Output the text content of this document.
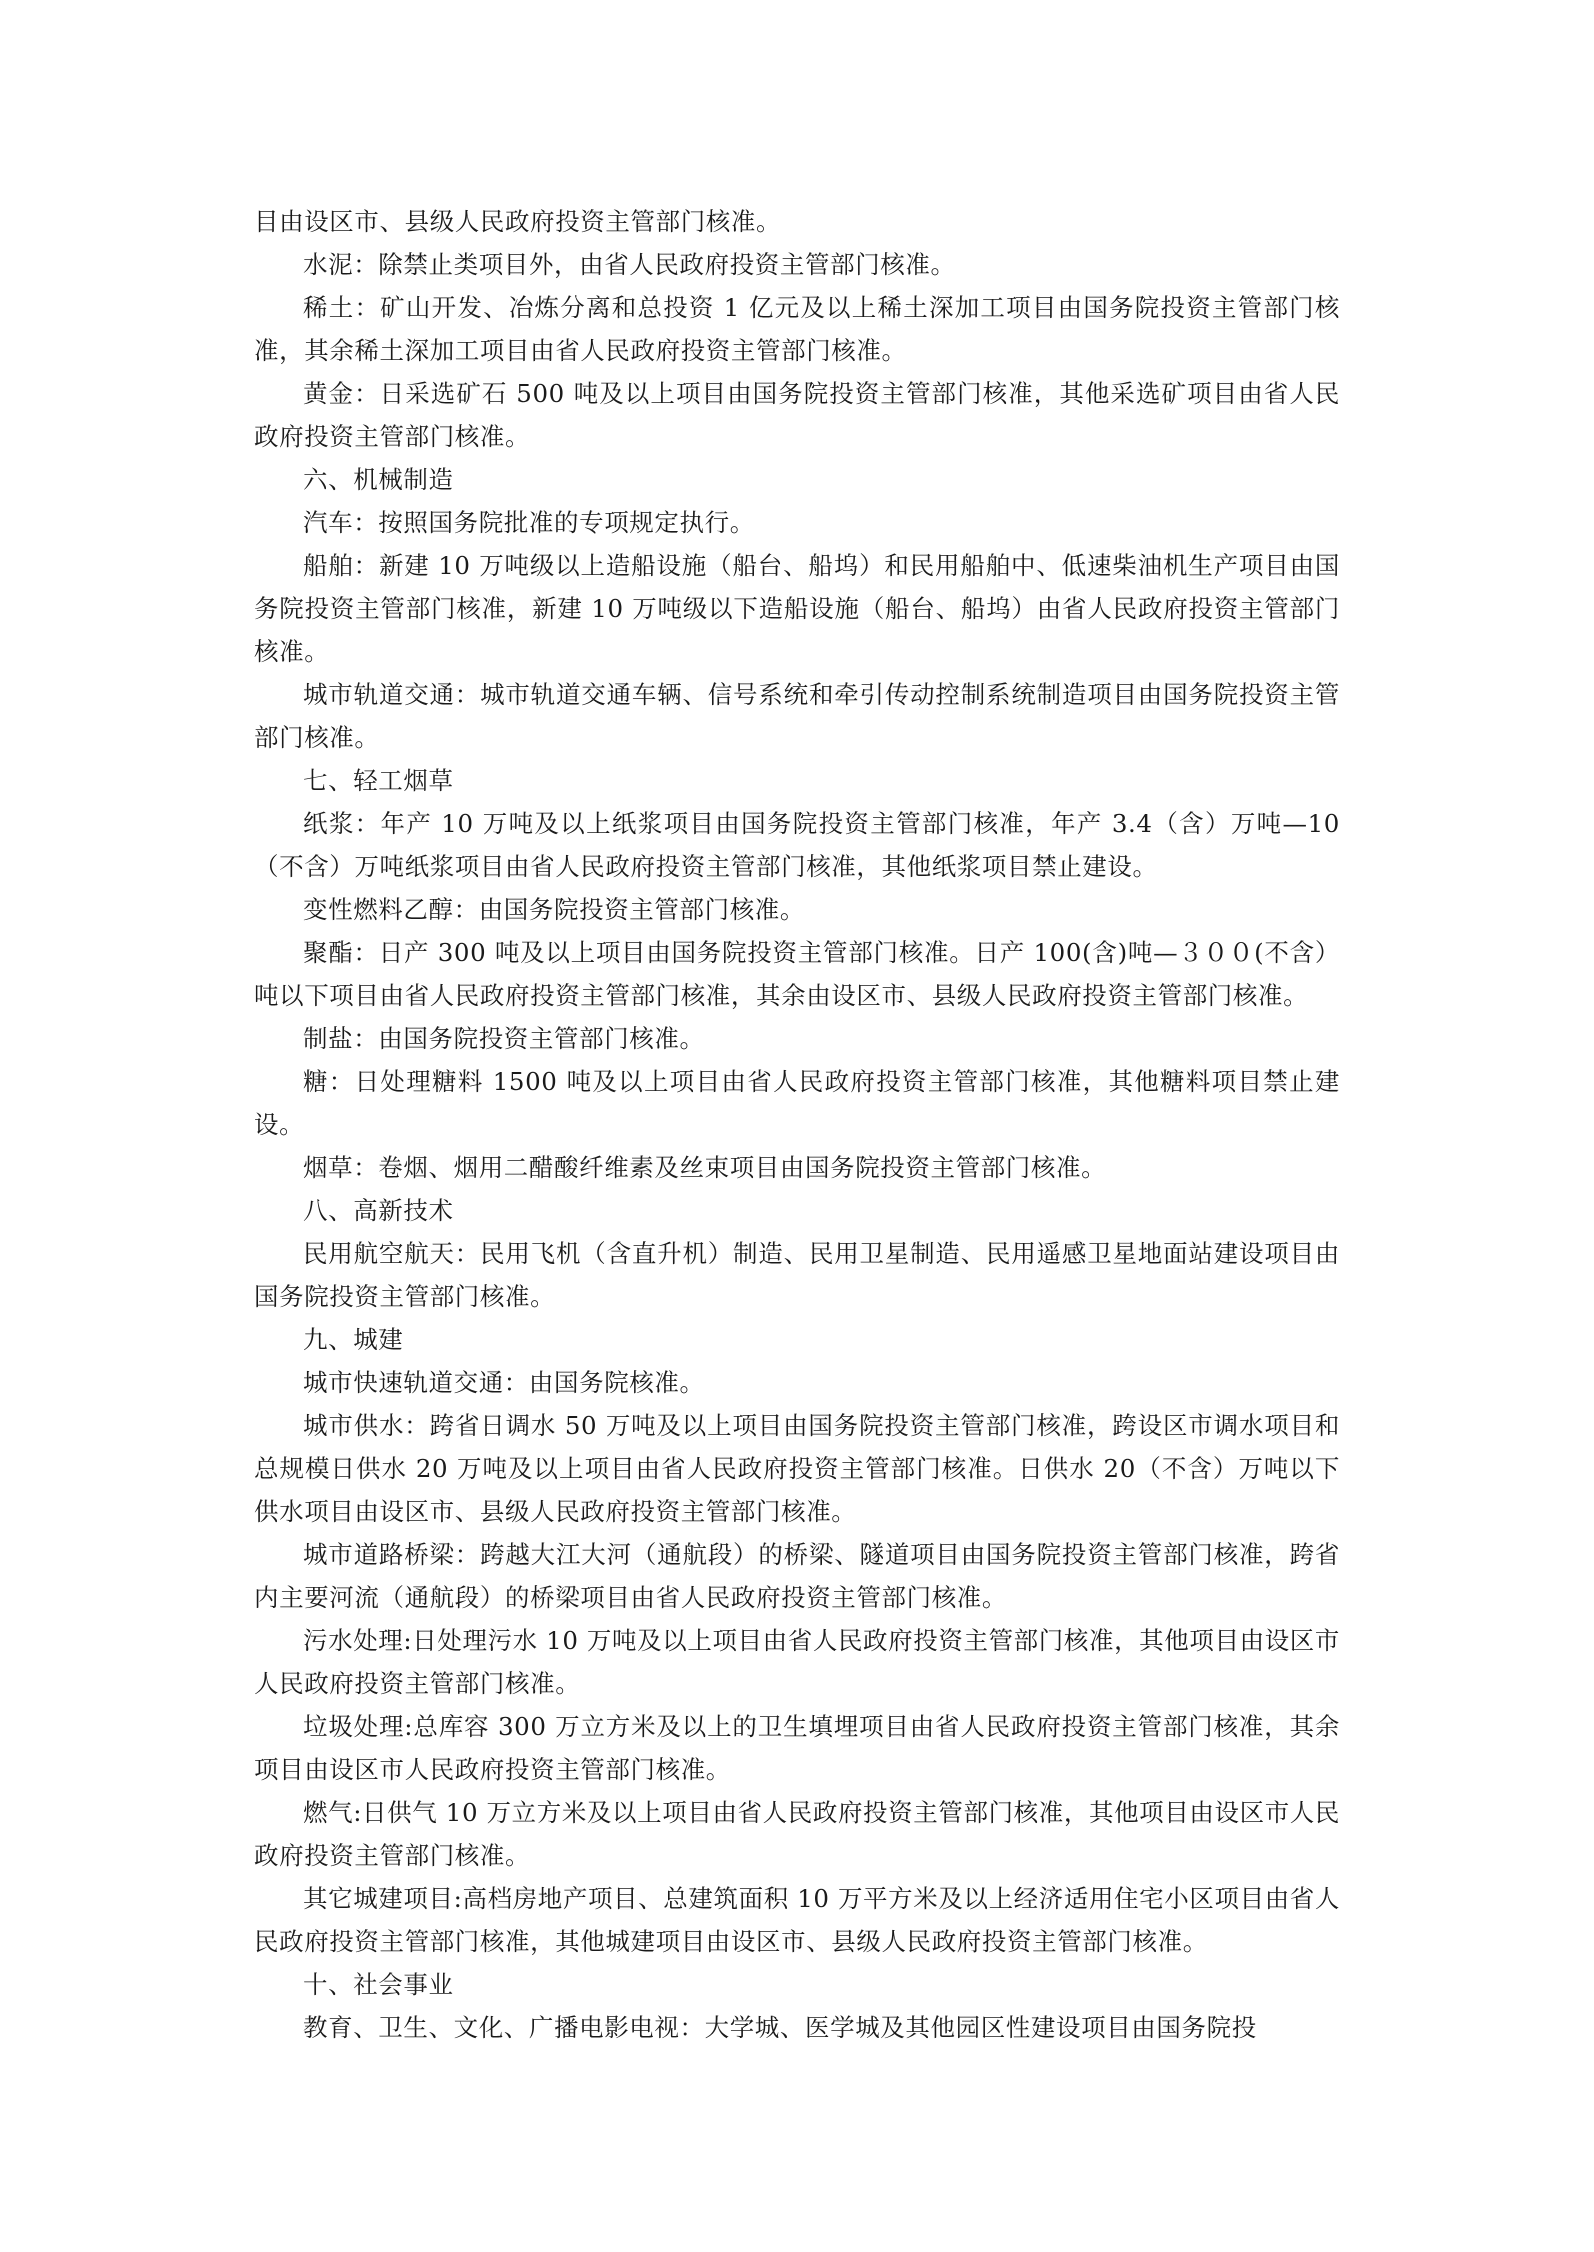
目由设区市、县级人民政府投资主管部门核准。

水泥：除禁止类项目外，由省人民政府投资主管部门核准。

稀土：矿山开发、冶炼分离和总投资 1 亿元及以上稀土深加工项目由国务院投资主管部门核准，其余稀土深加工项目由省人民政府投资主管部门核准。

黄金：日采选矿石 500 吨及以上项目由国务院投资主管部门核准，其他采选矿项目由省人民政府投资主管部门核准。

六、机械制造

汽车：按照国务院批准的专项规定执行。

船舶：新建 10 万吨级以上造船设施（船台、船坞）和民用船舶中、低速柴油机生产项目由国务院投资主管部门核准，新建 10 万吨级以下造船设施（船台、船坞）由省人民政府投资主管部门核准。

城市轨道交通：城市轨道交通车辆、信号系统和牵引传动控制系统制造项目由国务院投资主管部门核准。

七、轻工烟草

纸浆：年产 10 万吨及以上纸浆项目由国务院投资主管部门核准，年产 3.4（含）万吨—10（不含）万吨纸浆项目由省人民政府投资主管部门核准，其他纸浆项目禁止建设。

变性燃料乙醇：由国务院投资主管部门核准。

聚酯：日产 300 吨及以上项目由国务院投资主管部门核准。日产 100(含)吨—３００(不含）吨以下项目由省人民政府投资主管部门核准，其余由设区市、县级人民政府投资主管部门核准。

制盐：由国务院投资主管部门核准。

糖：日处理糖料 1500 吨及以上项目由省人民政府投资主管部门核准，其他糖料项目禁止建设。

烟草：卷烟、烟用二醋酸纤维素及丝束项目由国务院投资主管部门核准。

八、高新技术

民用航空航天：民用飞机（含直升机）制造、民用卫星制造、民用遥感卫星地面站建设项目由国务院投资主管部门核准。

九、城建

城市快速轨道交通：由国务院核准。

城市供水：跨省日调水 50 万吨及以上项目由国务院投资主管部门核准，跨设区市调水项目和总规模日供水 20 万吨及以上项目由省人民政府投资主管部门核准。日供水 20（不含）万吨以下供水项目由设区市、县级人民政府投资主管部门核准。

城市道路桥梁：跨越大江大河（通航段）的桥梁、隧道项目由国务院投资主管部门核准，跨省内主要河流（通航段）的桥梁项目由省人民政府投资主管部门核准。

污水处理:日处理污水 10 万吨及以上项目由省人民政府投资主管部门核准，其他项目由设区市人民政府投资主管部门核准。

垃圾处理:总库容 300 万立方米及以上的卫生填埋项目由省人民政府投资主管部门核准，其余项目由设区市人民政府投资主管部门核准。

燃气:日供气 10 万立方米及以上项目由省人民政府投资主管部门核准，其他项目由设区市人民政府投资主管部门核准。

其它城建项目:高档房地产项目、总建筑面积 10 万平方米及以上经济适用住宅小区项目由省人民政府投资主管部门核准，其他城建项目由设区市、县级人民政府投资主管部门核准。

十、社会事业

教育、卫生、文化、广播电影电视：大学城、医学城及其他园区性建设项目由国务院投
